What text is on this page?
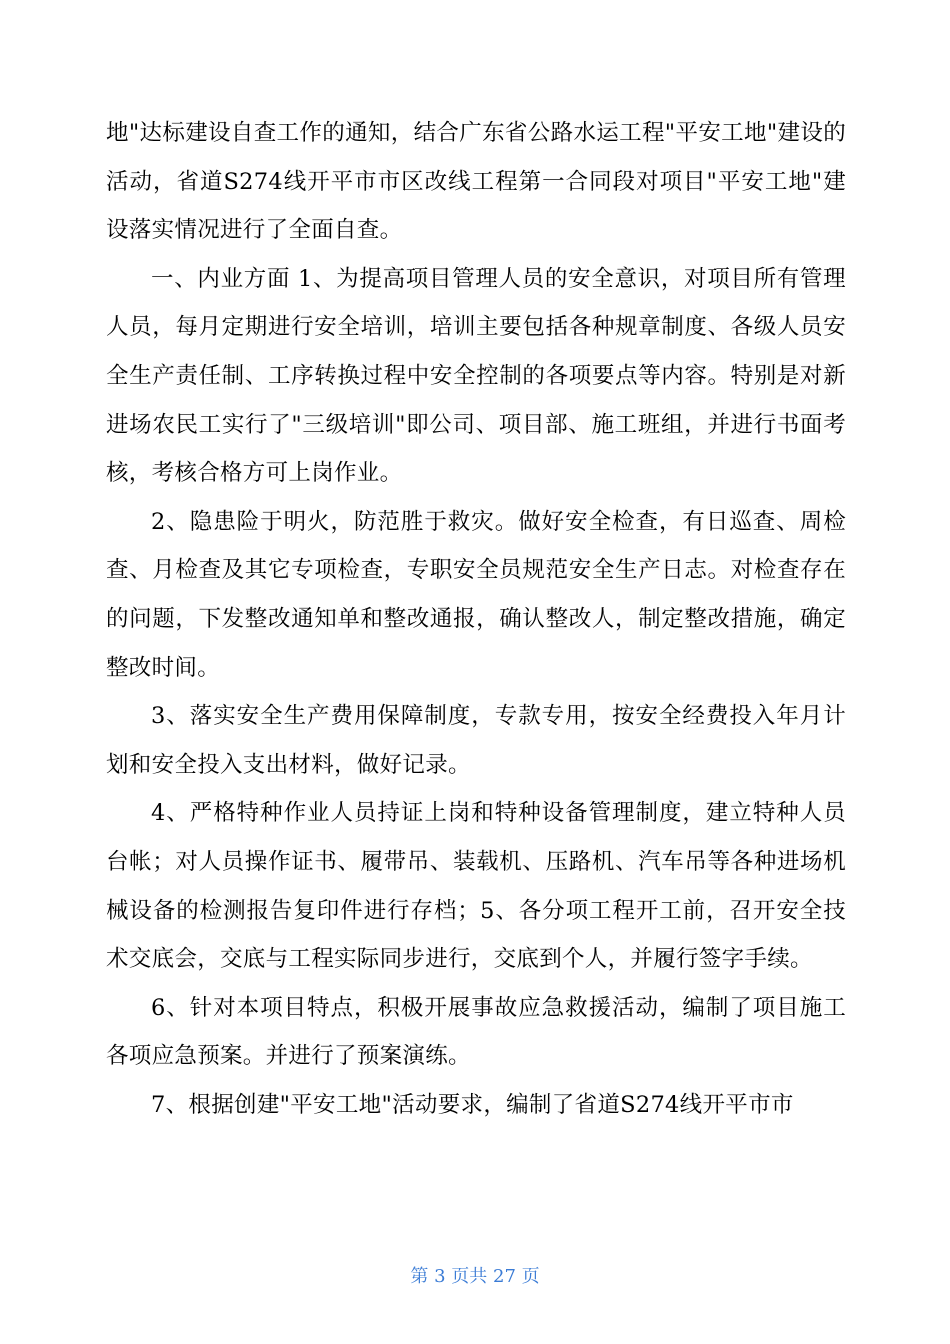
地"达标建设自查工作的通知，结合广东省公路水运工程"平安工地"建设的活动，省道S274线开平市市区改线工程第一合同段对项目"平安工地"建设落实情况进行了全面自查。

一、内业方面 1、为提高项目管理人员的安全意识，对项目所有管理人员，每月定期进行安全培训，培训主要包括各种规章制度、各级人员安全生产责任制、工序转换过程中安全控制的各项要点等内容。特别是对新进场农民工实行了"三级培训"即公司、项目部、施工班组，并进行书面考核，考核合格方可上岗作业。

2、隐患险于明火，防范胜于救灾。做好安全检查，有日巡查、周检查、月检查及其它专项检查，专职安全员规范安全生产日志。对检查存在的问题，下发整改通知单和整改通报，确认整改人，制定整改措施，确定整改时间。

3、落实安全生产费用保障制度，专款专用，按安全经费投入年月计划和安全投入支出材料，做好记录。

4、严格特种作业人员持证上岗和特种设备管理制度，建立特种人员台帐；对人员操作证书、履带吊、装载机、压路机、汽车吊等各种进场机械设备的检测报告复印件进行存档；5、各分项工程开工前，召开安全技术交底会，交底与工程实际同步进行，交底到个人，并履行签字手续。

6、针对本项目特点，积极开展事故应急救援活动，编制了项目施工各项应急预案。并进行了预案演练。

7、根据创建"平安工地"活动要求，编制了省道S274线开平市市

第 3 页共 27 页
